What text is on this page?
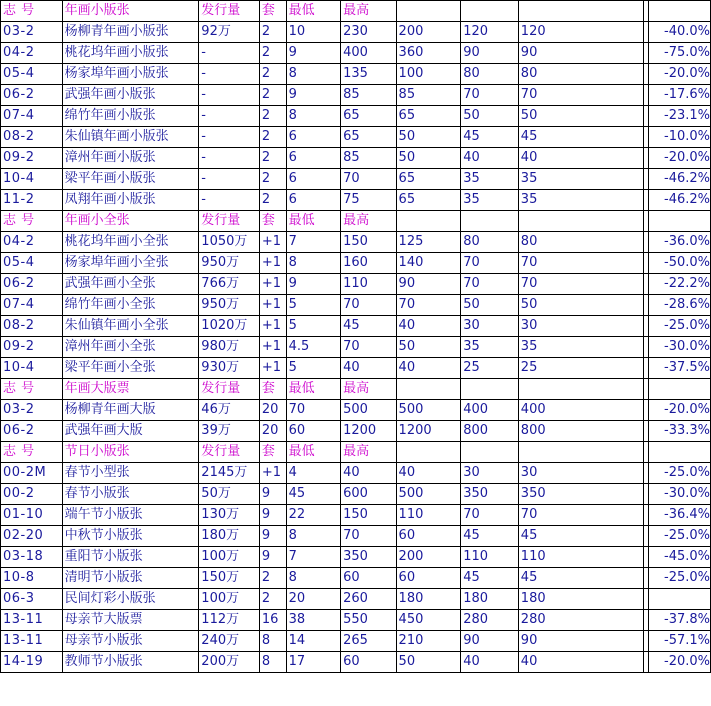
志 号	年画小版张	发行量	套	最低	最高					
03-2	杨柳青年画小版张	92万	2	10	230	200	120	120		-40.0%
04-2	桃花坞年画小版张	-	2	9	400	360	90	90		-75.0%
05-4	杨家埠年画小版张	-	2	8	135	100	80	80		-20.0%
06-2	武强年画小版张	-	2	9	85	85	70	70		-17.6%
07-4	绵竹年画小版张	-	2	8	65	65	50	50		-23.1%
08-2	朱仙镇年画小版张	-	2	6	65	50	45	45		-10.0%
09-2	漳州年画小版张	-	2	6	85	50	40	40		-20.0%
10-4	梁平年画小版张	-	2	6	70	65	35	35		-46.2%
11-2	凤翔年画小版张	-	2	6	75	65	35	35		-46.2%
志 号	年画小全张	发行量	套	最低	最高					
04-2	桃花坞年画小全张	1050万	+1	7	150	125	80	80		-36.0%
05-4	杨家埠年画小全张	950万	+1	8	160	140	70	70		-50.0%
06-2	武强年画小全张	766万	+1	9	110	90	70	70		-22.2%
07-4	绵竹年画小全张	950万	+1	5	70	70	50	50		-28.6%
08-2	朱仙镇年画小全张	1020万	+1	5	45	40	30	30		-25.0%
09-2	漳州年画小全张	980万	+1	4.5	70	50	35	35		-30.0%
10-4	梁平年画小全张	930万	+1	5	40	40	25	25		-37.5%
志 号	年画大版票	发行量	套	最低	最高					
03-2	杨柳青年画大版	46万	20	70	500	500	400	400		-20.0%
06-2	武强年画大版	39万	20	60	1200	1200	800	800		-33.3%
志 号	节日小版张	发行量	套	最低	最高					
00-2M	春节小型张	2145万	+1	4	40	40	30	30		-25.0%
00-2	春节小版张	50万	9	45	600	500	350	350		-30.0%
01-10	端午节小版张	130万	9	22	150	110	70	70		-36.4%
02-20	中秋节小版张	180万	9	8	70	60	45	45		-25.0%
03-18	重阳节小版张	100万	9	7	350	200	110	110		-45.0%
10-8	清明节小版张	150万	2	8	60	60	45	45		-25.0%
06-3	民间灯彩小版张	100万	2	20	260	180	180	180		
13-11	母亲节大版票	112万	16	38	550	450	280	280		-37.8%
13-11	母亲节小版张	240万	8	14	265	210	90	90		-57.1%
14-19	教师节小版张	200万	8	17	60	50	40	40		-20.0%
